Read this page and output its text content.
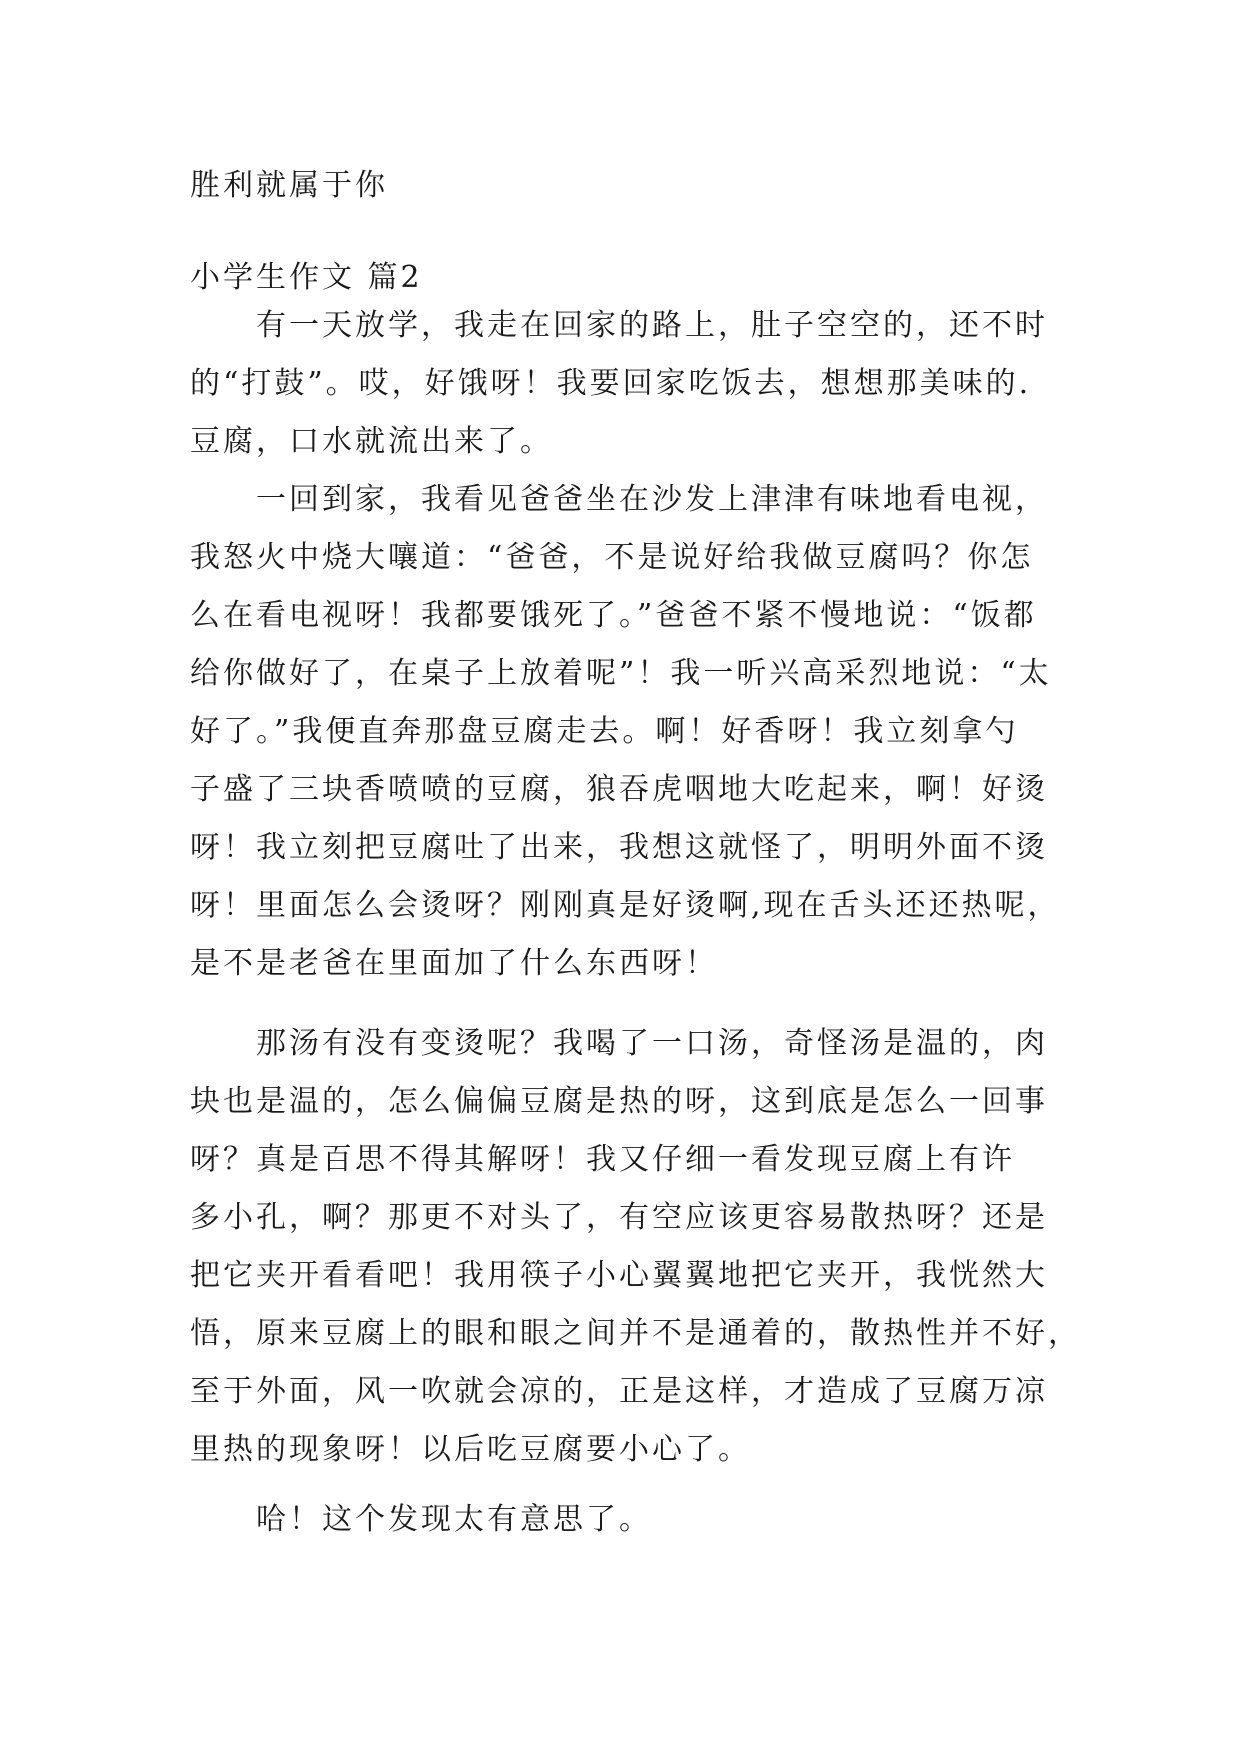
胜利就属于你
小学生作文 篇2
有一天放学，我走在回家的路上，肚子空空的，还不时
的“打鼓”。哎，好饿呀！我要回家吃饭去，想想那美味的.
豆腐，口水就流出来了。
一回到家，我看见爸爸坐在沙发上津津有味地看电视，
我怒火中烧大嚷道：“爸爸，不是说好给我做豆腐吗？你怎
么在看电视呀！我都要饿死了。”爸爸不紧不慢地说：“饭都
给你做好了，在桌子上放着呢”！我一听兴高采烈地说：“太
好了。”我便直奔那盘豆腐走去。啊！好香呀！我立刻拿勺
子盛了三块香喷喷的豆腐，狼吞虎咽地大吃起来，啊！好烫
呀！我立刻把豆腐吐了出来，我想这就怪了，明明外面不烫
呀！里面怎么会烫呀？刚刚真是好烫啊,现在舌头还还热呢，
是不是老爸在里面加了什么东西呀！
那汤有没有变烫呢？我喝了一口汤，奇怪汤是温的，肉
块也是温的，怎么偏偏豆腐是热的呀，这到底是怎么一回事
呀？真是百思不得其解呀！我又仔细一看发现豆腐上有许
多小孔，啊？那更不对头了，有空应该更容易散热呀？还是
把它夹开看看吧！我用筷子小心翼翼地把它夹开，我恍然大
悟，原来豆腐上的眼和眼之间并不是通着的，散热性并不好，
至于外面，风一吹就会凉的，正是这样，才造成了豆腐万凉
里热的现象呀！以后吃豆腐要小心了。
哈！这个发现太有意思了。
